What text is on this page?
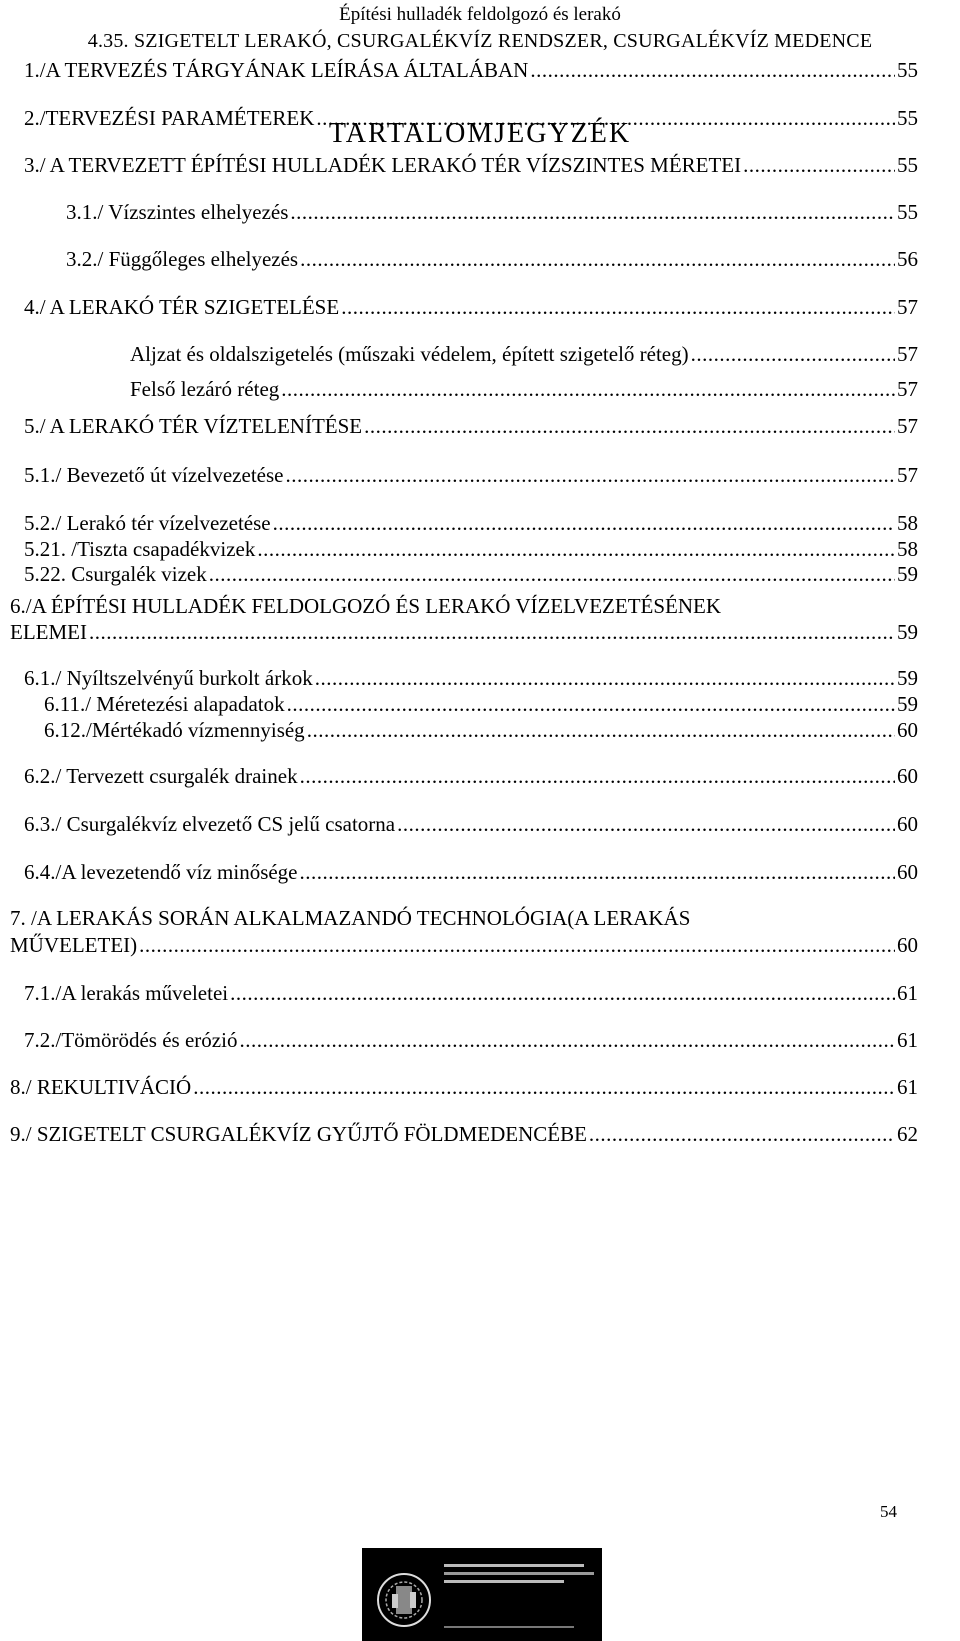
Építési hulladék feldolgozó és lerakó
4.35. SZIGETELT LERAKÓ, CSURGALÉKVÍZ RENDSZER, CSURGALÉKVÍZ MEDENCE
TARTALOMJEGYZÉK
1./A TERVEZÉS TÁRGYÁNAK LEÍRÁSA ÁLTALÁBAN .....	55
2./TERVEZÉSI PARAMÉTEREK .....	55
3./ A TERVEZETT ÉPÍTÉSI HULLADÉK LERAKÓ TÉR VÍZSZINTES MÉRETEI .....	55
3.1./ Vízszintes elhelyezés .....	55
3.2./ Függőleges elhelyezés .....	56
4./ A LERAKÓ TÉR SZIGETELÉSE .....	57
Aljzat és oldalszigetelés (műszaki védelem, épített szigetelő réteg) .....	57
Felső lezáró réteg .....	57
5./ A LERAKÓ TÉR VÍZTELENÍTÉSE .....	57
5.1./ Bevezető út vízelvezetése .....	57
5.2./ Lerakó tér vízelvezetése .....	58
5.21. /Tiszta csapadékvizek .....	58
5.22. Csurgalék vizek .....	59
6./A ÉPÍTÉSI HULLADÉK FELDOLGOZÓ ÉS LERAKÓ VÍZELVEZETÉSÉNEK
ELEMEI .....	59
6.1./ Nyíltszelvényű burkolt árkok .....	59
6.11./ Méretezési alapadatok .....	59
6.12./Mértékadó vízmennyiség .....	60
6.2./ Tervezett csurgalék drainek .....	60
6.3./ Csurgalékvíz elvezető CS jelű csatorna .....	60
6.4./A levezetendő víz minősége .....	60
7. /A LERAKÁS SORÁN ALKALMAZANDÓ TECHNOLÓGIA(A LERAKÁS
MŰVELETEI) .....	60
7.1./A lerakás műveletei .....	61
7.2./Tömörödés és erózió .....	61
8./ REKULTIVÁCIÓ .....	61
9./ SZIGETELT CSURGALÉKVÍZ GYŰJTŐ FÖLDMEDENCÉBE .....	62
54
